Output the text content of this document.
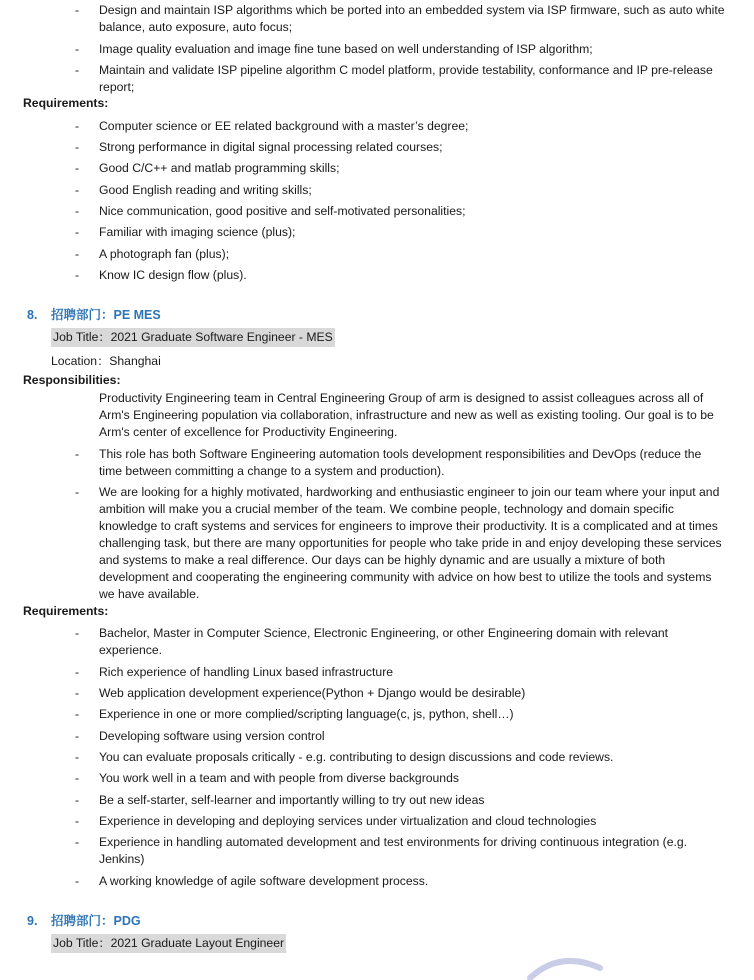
-	Design and maintain ISP algorithms which be ported into an embedded system via ISP firmware, such as auto white balance, auto exposure, auto focus;
-	Image quality evaluation and image fine tune based on well understanding of ISP algorithm;
-	Maintain and validate ISP pipeline algorithm C model platform, provide testability, conformance and IP pre-release report;
Requirements:
-	Computer science or EE related background with a master’s degree;
-	Strong performance in digital signal processing related courses;
-	Good C/C++ and matlab programming skills;
-	Good English reading and writing skills;
-	Nice communication, good positive and self-motivated personalities;
-	Familiar with imaging science (plus);
-	A photograph fan (plus);
-	Know IC design flow (plus).
8. 招聘部门：PE MES
Job Title：2021 Graduate Software Engineer - MES
Location：Shanghai
Responsibilities:
Productivity Engineering team in Central Engineering Group of arm is designed to assist colleagues across all of Arm's Engineering population via collaboration, infrastructure and new as well as existing tooling. Our goal is to be Arm's center of excellence for Productivity Engineering.
-	This role has both Software Engineering automation tools development responsibilities and DevOps (reduce the time between committing a change to a system and production).
-	We are looking for a highly motivated, hardworking and enthusiastic engineer to join our team where your input and ambition will make you a crucial member of the team. We combine people, technology and domain specific knowledge to craft systems and services for engineers to improve their productivity. It is a complicated and at times challenging task, but there are many opportunities for people who take pride in and enjoy developing these services and systems to make a real difference. Our days can be highly dynamic and are usually a mixture of both development and cooperating the engineering community with advice on how best to utilize the tools and systems we have available.
Requirements:
-	Bachelor, Master in Computer Science, Electronic Engineering, or other Engineering domain with relevant experience.
-	Rich experience of handling Linux based infrastructure
-	Web application development experience(Python + Django would be desirable)
-	Experience in one or more complied/scripting language(c, js, python, shell…)
-	Developing software using version control
-	You can evaluate proposals critically - e.g. contributing to design discussions and code reviews.
-	You work well in a team and with people from diverse backgrounds
-	Be a self-starter, self-learner and importantly willing to try out new ideas
-	Experience in developing and deploying services under virtualization and cloud technologies
-	Experience in handling automated development and test environments for driving continuous integration (e.g. Jenkins)
-	A working knowledge of agile software development process.
9. 招聘部门：PDG
Job Title：2021 Graduate Layout Engineer
